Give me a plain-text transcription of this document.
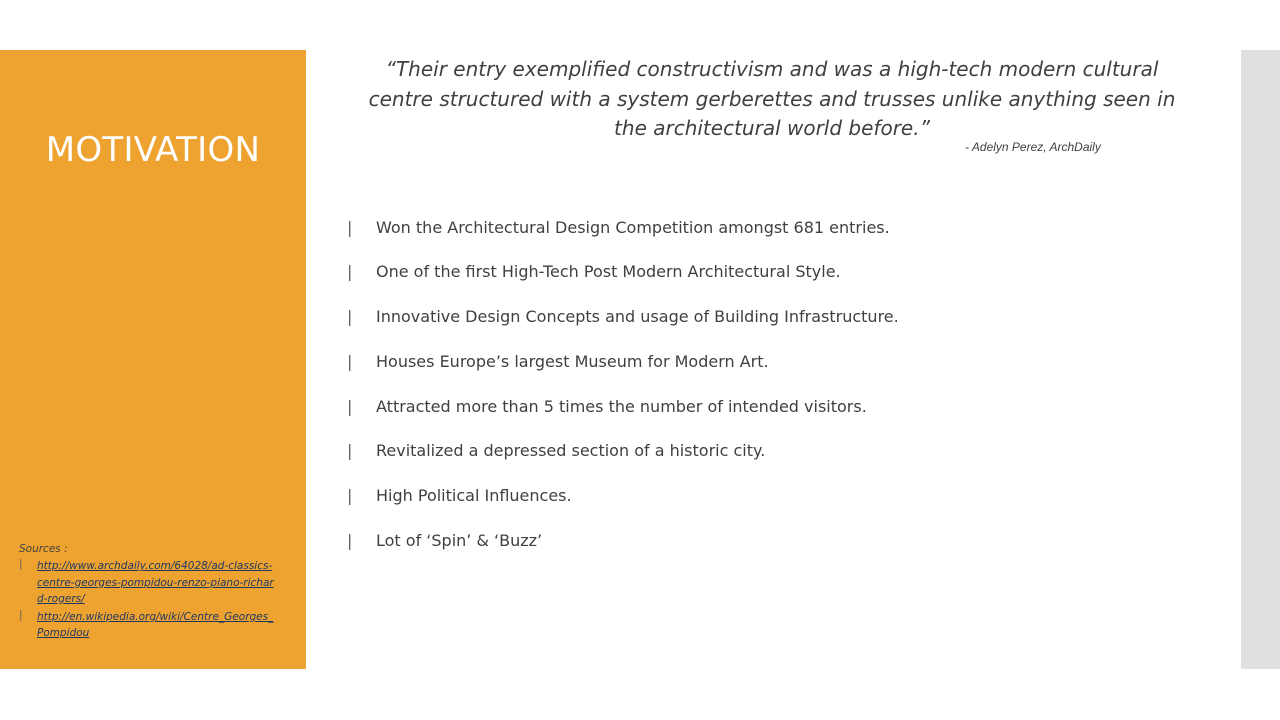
MOTIVATION
“Their entry exemplified constructivism and was a high-tech modern cultural centre structured with a system gerberettes and trusses unlike anything seen in the architectural world before.”
- Adelyn Perez, ArchDaily
|	Won the Architectural Design Competition amongst 681 entries.
|	One of the first High-Tech Post Modern Architectural Style.
|	Innovative Design Concepts and usage of Building Infrastructure.
|	Houses Europe’s largest Museum for Modern Art.
|	Attracted more than 5 times the number of intended visitors.
|	Revitalized a depressed section of a historic city.
|	High Political Influences.
|	Lot of ‘Spin’ & ‘Buzz’
Sources :
|	http://www.archdaily.com/64028/ad-classics-centre-georges-pompidou-renzo-piano-richard-rogers/
|	http://en.wikipedia.org/wiki/Centre_Georges_Pompidou
